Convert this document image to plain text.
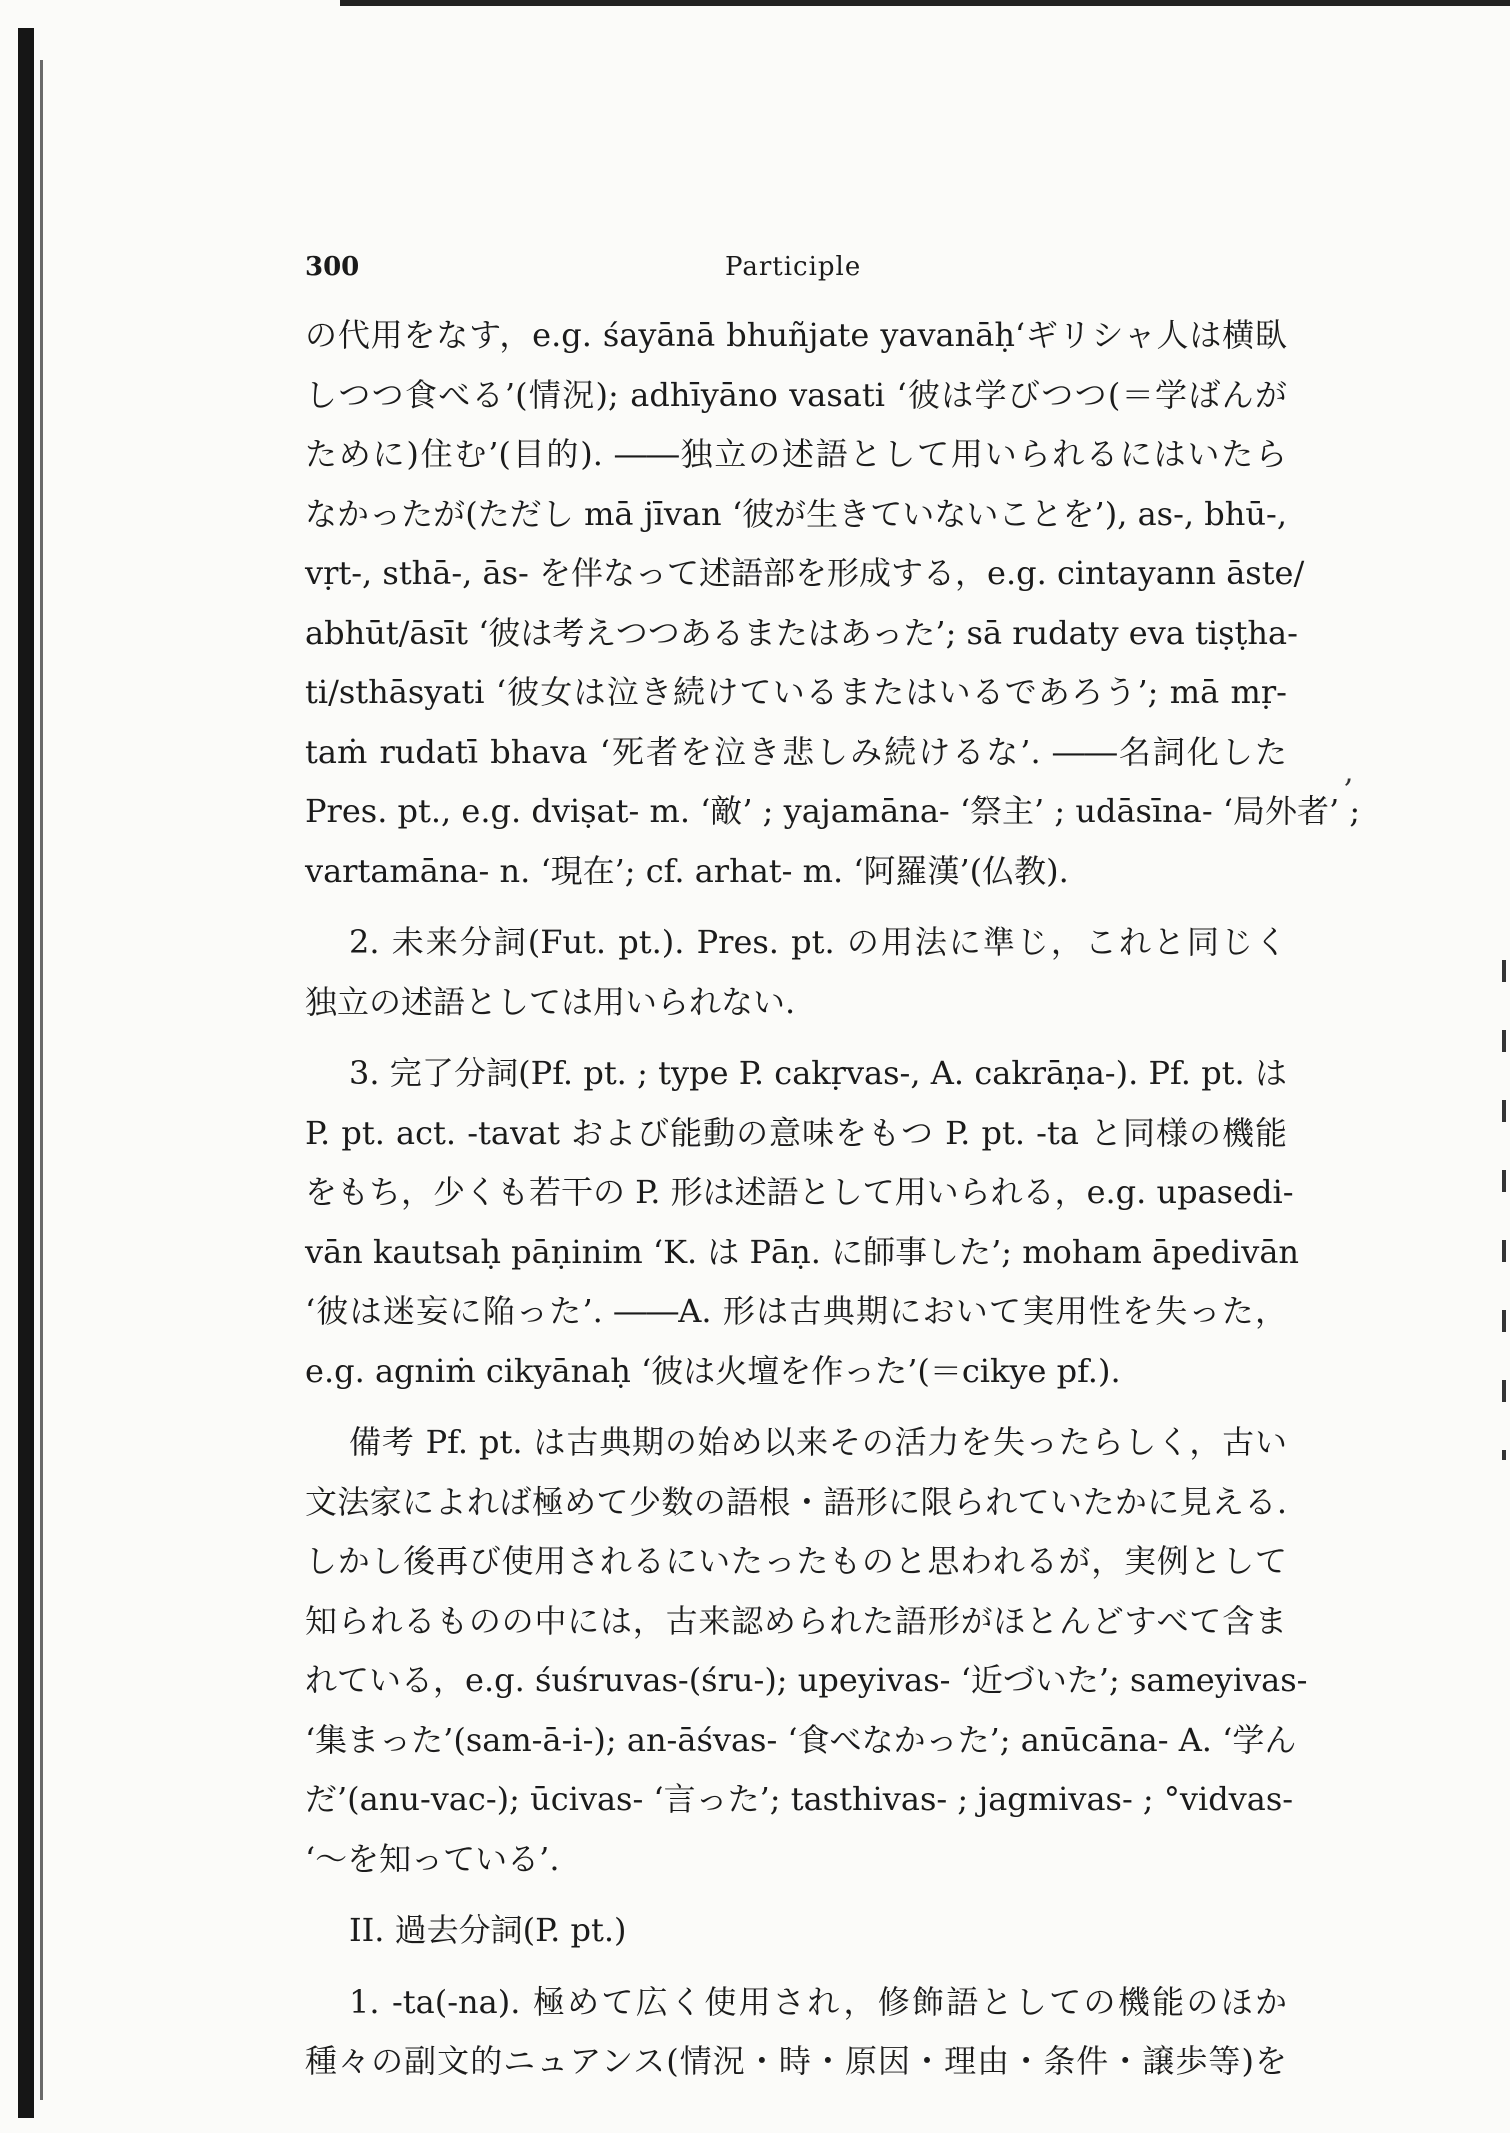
,
300	Participle
の代用をなす，e.g. śayānā bhuñjate yavanāḥ‘ギリシャ人は横臥
しつつ食べる’(情況); adhīyāno vasati ‘彼は学びつつ(＝学ばんが
ために)住む’(目的). ――独立の述語として用いられるにはいたら
なかったが(ただし mā jīvan ‘彼が生きていないことを’), as-, bhū-,
vṛt-, sthā-, ās- を伴なって述語部を形成する，e.g. cintayann āste/
abhūt/āsīt ‘彼は考えつつあるまたはあった’; sā rudaty eva tiṣṭha-
ti/sthāsyati ‘彼女は泣き続けているまたはいるであろう’; mā mṛ-
taṁ rudatī bhava ‘死者を泣き悲しみ続けるな’. ――名詞化した
Pres. pt., e.g. dviṣat- m. ‘敵’ ; yajamāna- ‘祭主’ ; udāsīna- ‘局外者’ ;
vartamāna- n. ‘現在’; cf. arhat- m. ‘阿羅漢’(仏教).
2. 未来分詞(Fut. pt.). Pres. pt. の用法に準じ，これと同じく
独立の述語としては用いられない.
3. 完了分詞(Pf. pt. ; type P. cakṛvas-, A. cakrāṇa-). Pf. pt. は
P. pt. act. -tavat および能動の意味をもつ P. pt. -ta と同様の機能
をもち，少くも若干の P. 形は述語として用いられる，e.g. upasedi-
vān kautsaḥ pāṇinim ‘K. は Pāṇ. に師事した’; moham āpedivān
‘彼は迷妄に陥った’. ――A. 形は古典期において実用性を失った，
e.g. agniṁ cikyānaḥ ‘彼は火壇を作った’(＝cikye pf.).
備考 Pf. pt. は古典期の始め以来その活力を失ったらしく，古い
文法家によれば極めて少数の語根・語形に限られていたかに見える.
しかし後再び使用されるにいたったものと思われるが，実例として
知られるものの中には，古来認められた語形がほとんどすべて含ま
れている，e.g. śuśruvas-(śru-); upeyivas- ‘近づいた’; sameyivas-
‘集まった’(sam-ā-i-); an-āśvas- ‘食べなかった’; anūcāna- A. ‘学ん
だ’(anu-vac-); ūcivas- ‘言った’; tasthivas- ; jagmivas- ; °vidvas-
‘～を知っている’.
II. 過去分詞(P. pt.)
1. -ta(-na). 極めて広く使用され，修飾語としての機能のほか
種々の副文的ニュアンス(情況・時・原因・理由・条件・譲歩等)を
